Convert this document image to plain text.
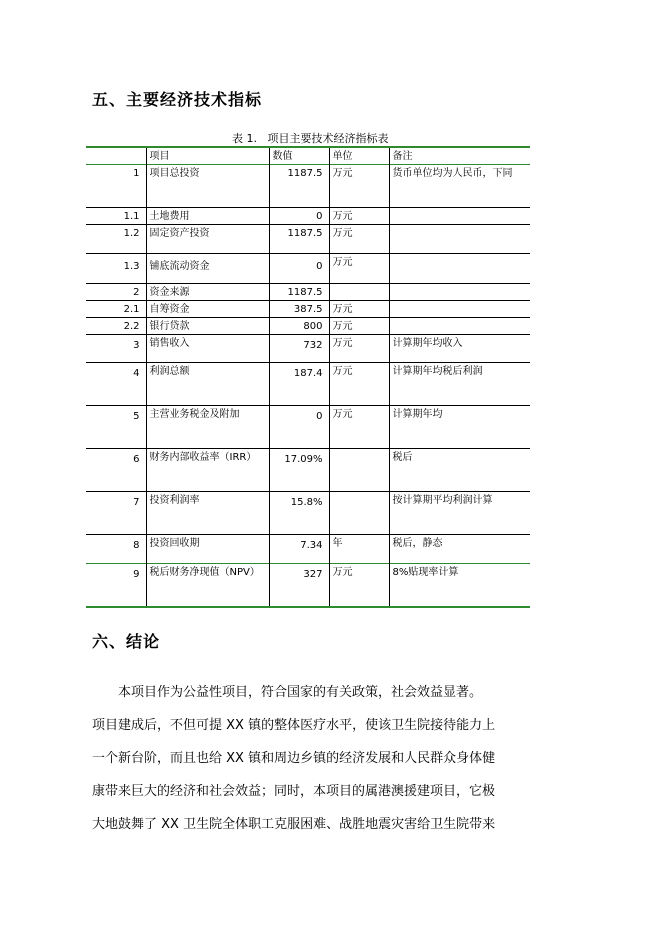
五、主要经济技术指标
表 1.   项目主要技术经济指标表
	项目	数值	单位	备注
1	项目总投资	1187.5	万元	货币单位均为人民币，下同
1.1	土地费用	0	万元	
1.2	固定资产投资	1187.5	万元	
1.3	铺底流动资金	0	万元	
2	资金来源	1187.5		
2.1	自筹资金	387.5	万元	
2.2	银行贷款	800	万元	
3	销售收入	732	万元	计算期年均收入
4	利润总额	187.4	万元	计算期年均税后利润
5	主营业务税金及附加	0	万元	计算期年均
6	财务内部收益率（IRR）	17.09%		税后
7	投资利润率	15.8%		按计算期平均利润计算
8	投资回收期	7.34	年	税后，静态
9	税后财务净现值（NPV）	327	万元	8%贴现率计算
六、结论

　　本项目作为公益性项目，符合国家的有关政策，社会效益显著。

项目建成后，不但可提 XX 镇的整体医疗水平，使该卫生院接待能力上

一个新台阶，而且也给 XX 镇和周边乡镇的经济发展和人民群众身体健

康带来巨大的经济和社会效益；同时，本项目的属港澳援建项目，它极

大地鼓舞了 XX 卫生院全体职工克服困难、战胜地震灾害给卫生院带来
